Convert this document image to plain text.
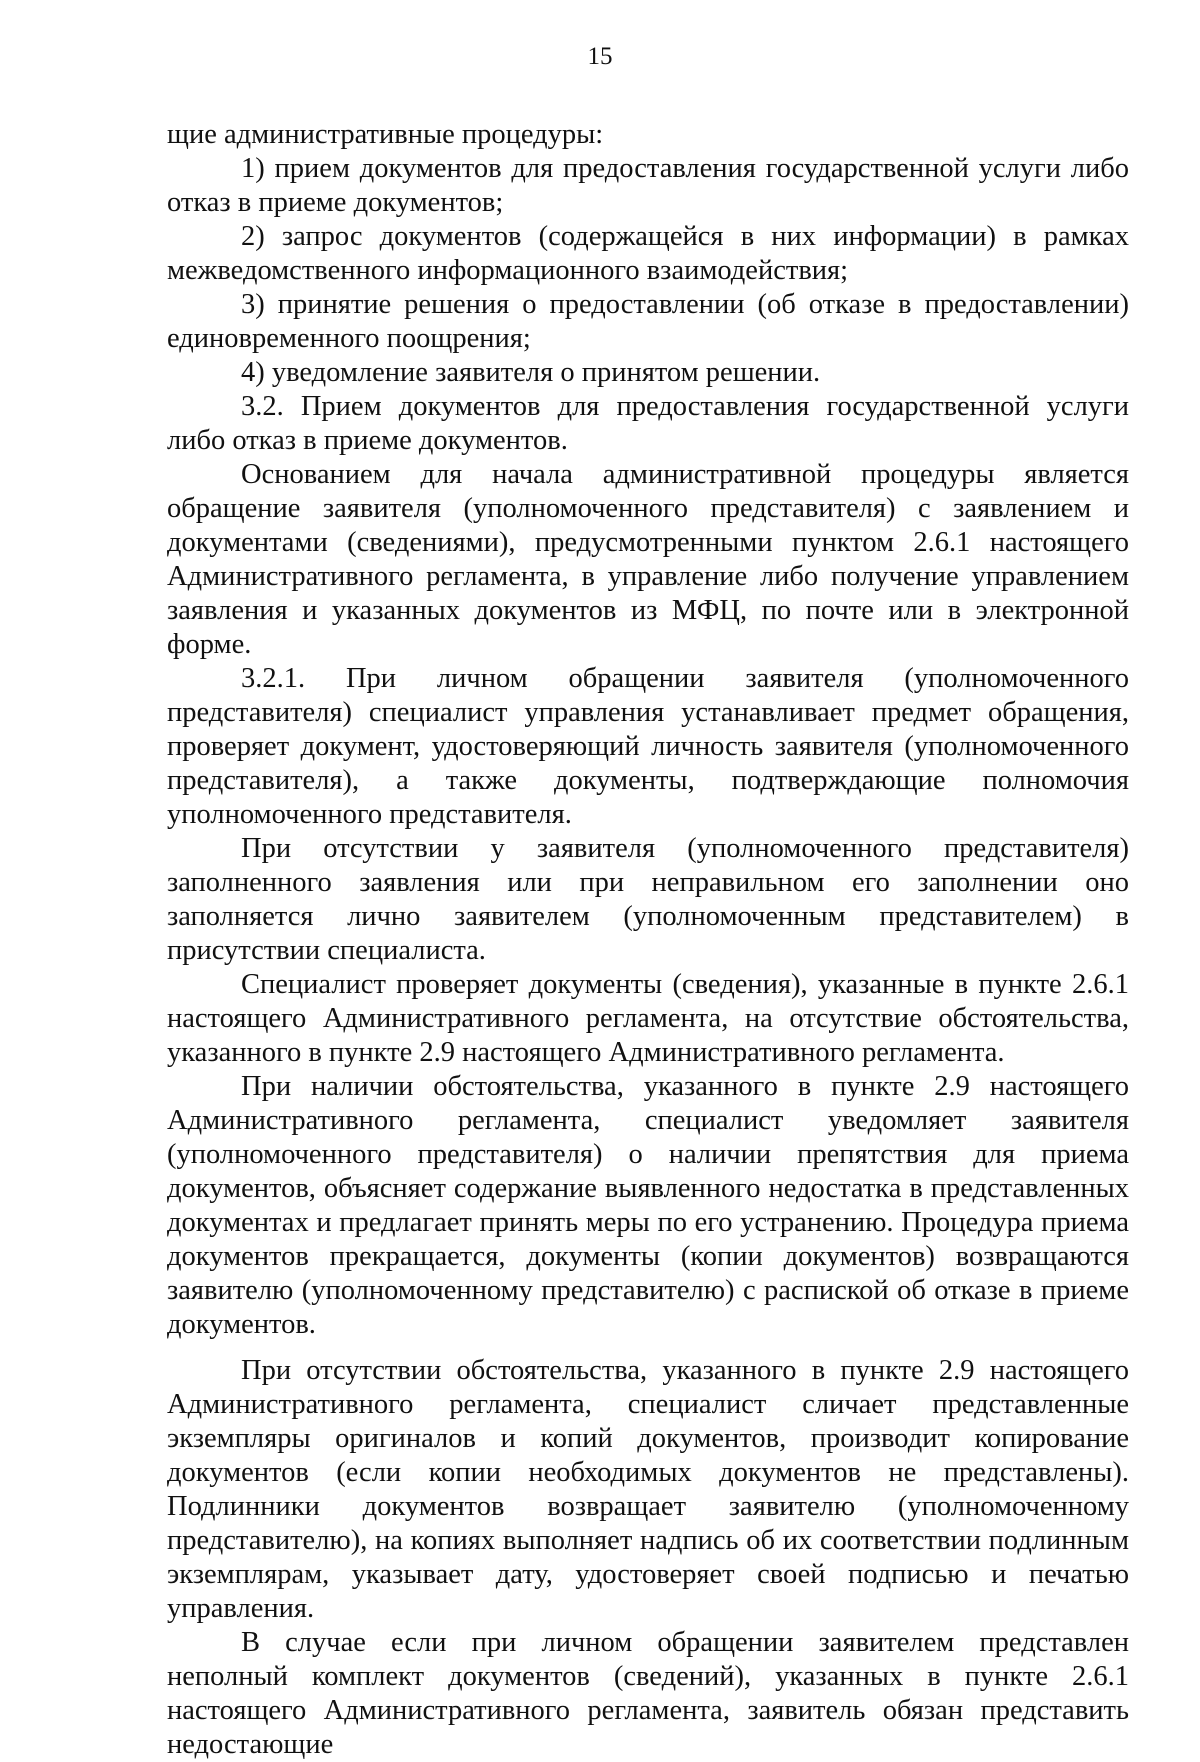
15

щие административные процедуры:

1) прием документов для предоставления государственной услуги либо отказ в приеме документов;

2) запрос документов (содержащейся в них информации) в рамках межведомственного информационного взаимодействия;

3) принятие решения о предоставлении (об отказе в предоставлении) единовременного поощрения;

4) уведомление заявителя о принятом решении.

3.2. Прием документов для предоставления государственной услуги либо отказ в приеме документов.

Основанием для начала административной процедуры является обращение заявителя (уполномоченного представителя) с заявлением и документами (сведениями), предусмотренными пунктом 2.6.1 настоящего Административного регламента, в управление либо получение управлением заявления и указанных документов из МФЦ, по почте или в электронной форме.

3.2.1. При личном обращении заявителя (уполномоченного представителя) специалист управления устанавливает предмет обращения, проверяет документ, удостоверяющий личность заявителя (уполномоченного представителя), а также документы, подтверждающие полномочия уполномоченного представителя.

При отсутствии у заявителя (уполномоченного представителя) заполненного заявления или при неправильном его заполнении оно заполняется лично заявителем (уполномоченным представителем) в присутствии специалиста.

Специалист проверяет документы (сведения), указанные в пункте 2.6.1 настоящего Административного регламента, на отсутствие обстоятельства, указанного в пункте 2.9 настоящего Административного регламента.

При наличии обстоятельства, указанного в пункте 2.9 настоящего Административного регламента, специалист уведомляет заявителя (уполномоченного представителя) о наличии препятствия для приема документов, объясняет содержание выявленного недостатка в представленных документах и предлагает принять меры по его устранению. Процедура приема документов прекращается, документы (копии документов) возвращаются заявителю (уполномоченному представителю) с распиской об отказе в приеме документов.

При отсутствии обстоятельства, указанного в пункте 2.9 настоящего Административного регламента, специалист сличает представленные экземпляры оригиналов и копий документов, производит копирование документов (если копии необходимых документов не представлены). Подлинники документов возвращает заявителю (уполномоченному представителю), на копиях выполняет надпись об их соответствии подлинным экземплярам, указывает дату, удостоверяет своей подписью и печатью управления.

В случае если при личном обращении заявителем представлен неполный комплект документов (сведений), указанных в пункте 2.6.1 настоящего Административного регламента, заявитель обязан представить недостающие
